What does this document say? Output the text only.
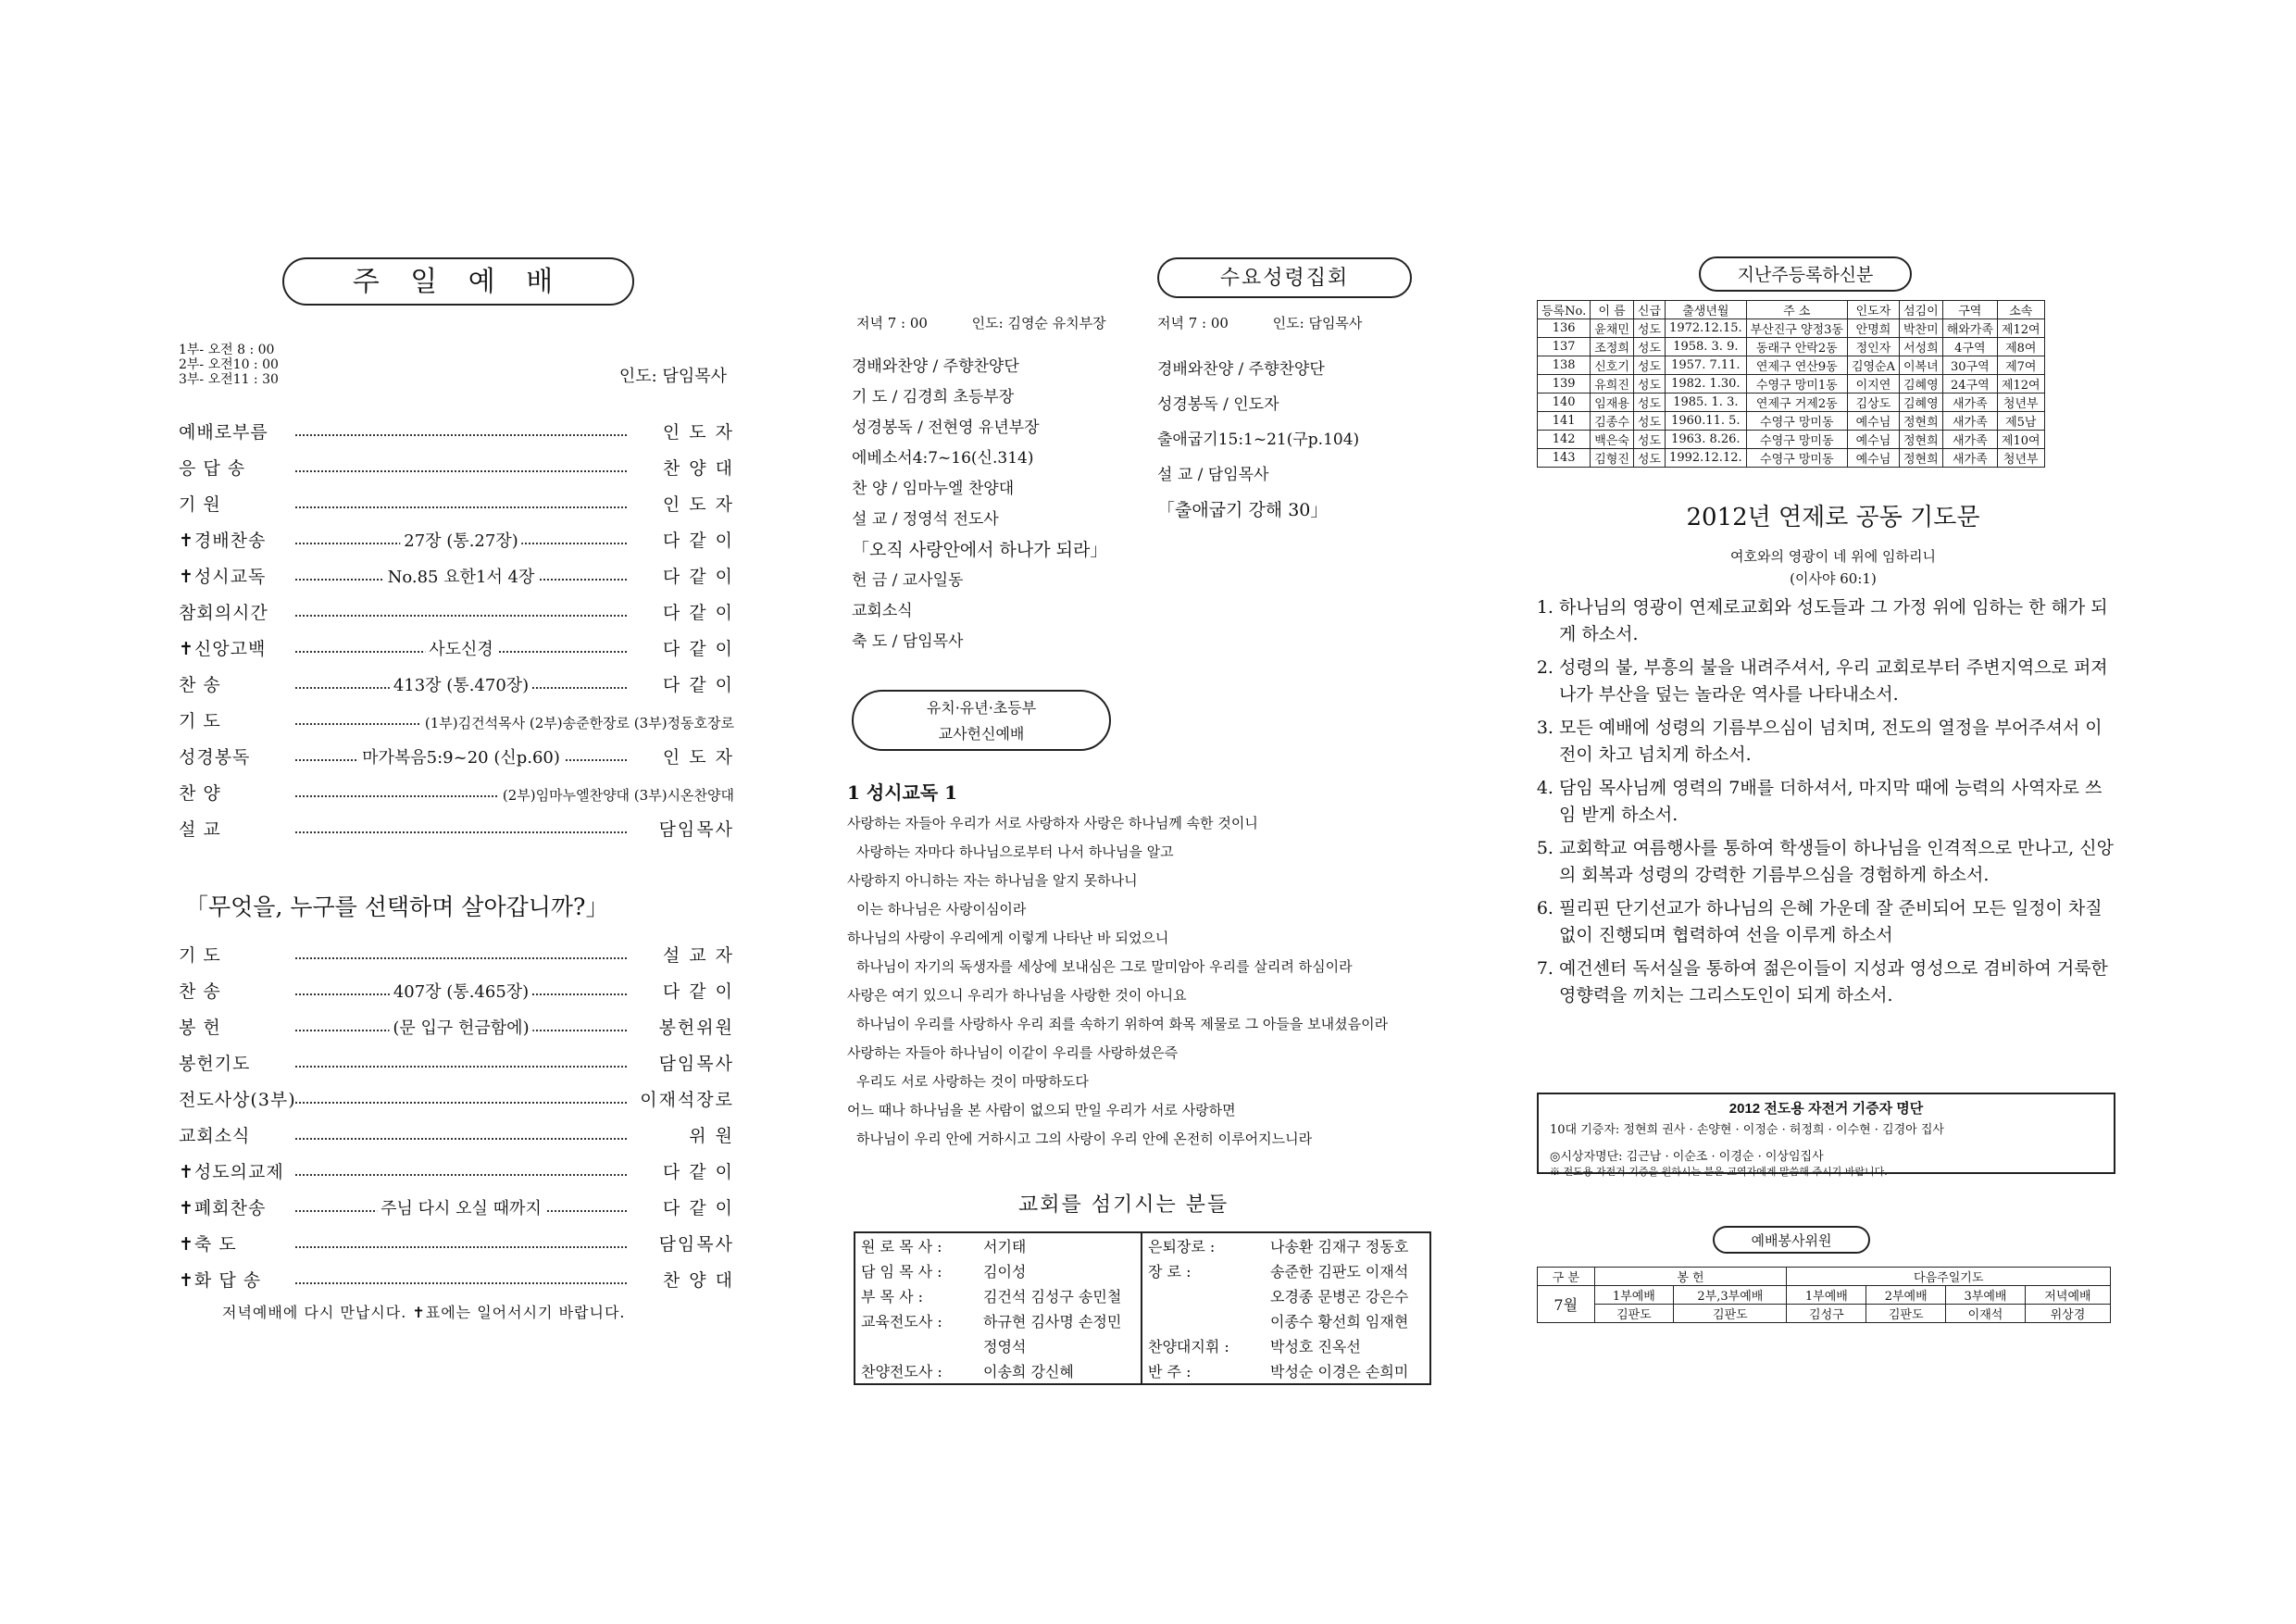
주 일 예 배
1부- 오전 8 : 00
2부- 오전10 : 00
3부- 오전11 : 30	인도: 담임목사
예배로부름	인 도 자
응 답 송	찬 양 대
기 원	인 도 자
✝경배찬송	27장 (통.27장)	다 같 이
✝성시교독	No.85 요한1서 4장	다 같 이
참회의시간	다 같 이
✝신앙고백	사도신경	다 같 이
찬 송	413장 (통.470장)	다 같 이
기 도	(1부)김건석목사 (2부)송준한장로 (3부)정동호장로
성경봉독	마가복음5:9~20 (신p.60)	인 도 자
찬 양	(2부)임마누엘찬양대 (3부)시온찬양대
설 교	담임목사
「무엇을, 누구를 선택하며 살아갑니까?」
기 도	설 교 자
찬 송	407장 (통.465장)	다 같 이
봉 헌	(문 입구 헌금함에)	봉헌위원
봉헌기도	담임목사
전도사상(3부)	이재석장로
교회소식	위 원
✝성도의교제	다 같 이
✝폐회찬송	주님 다시 오실 때까지	다 같 이
✝축 도	담임목사
✝화 답 송	찬 양 대
저녁예배에 다시 만납시다. ✝표에는 일어서시기 바랍니다.
저녁 7 : 00          인도: 김영순 유치부장
경배와찬양 / 주향찬양단
기 도 / 김경희 초등부장
성경봉독 / 전현영 유년부장
에베소서4:7~16(신.314)
찬 양 / 임마누엘 찬양대
설 교 / 정영석 전도사
「오직 사랑안에서 하나가 되라」
헌 금 / 교사일동
교회소식
축 도 / 담임목사
유치·유년·초등부
교사헌신예배
수요성령집회
저녁 7 : 00          인도: 담임목사
경배와찬양 / 주향찬양단
성경봉독 / 인도자
출애굽기15:1~21(구p.104)
설 교 / 담임목사
「출애굽기 강해 30」
1 성시교독 1
사랑하는 자들아 우리가 서로 사랑하자 사랑은 하나님께 속한 것이니
사랑하는 자마다 하나님으로부터 나서 하나님을 알고
사랑하지 아니하는 자는 하나님을 알지 못하나니
이는 하나님은 사랑이심이라
하나님의 사랑이 우리에게 이렇게 나타난 바 되었으니
하나님이 자기의 독생자를 세상에 보내심은 그로 말미암아 우리를 살리려 하심이라
사랑은 여기 있으니 우리가 하나님을 사랑한 것이 아니요
하나님이 우리를 사랑하사 우리 죄를 속하기 위하여 화목 제물로 그 아들을 보내셨음이라
사랑하는 자들아 하나님이 이같이 우리를 사랑하셨은즉
우리도 서로 사랑하는 것이 마땅하도다
어느 때나 하나님을 본 사람이 없으되 만일 우리가 서로 사랑하면
하나님이 우리 안에 거하시고 그의 사랑이 우리 안에 온전히 이루어지느니라
교회를 섬기시는 분들
원 로 목 사 :	서기태
담 임 목 사 :	김이성
부 목 사 :	김건석 김성구 송민철
교육전도사 :	하규현 김사명 손정민
	정영석
찬양전도사 :	이송희 강신혜
은퇴장로 :	나송환 김재구 정동호
장 로 :	송준한 김판도 이재석
	오경종 문병곤 강은수
	이종수 황선희 임재현
찬양대지휘 :	박성호 진옥선
반 주 :	박성순 이경은 손희미
지난주등록하신분
등록No.	이 름	신급	출생년월	주 소	인도자	섬김이	구역	소속
136	윤채민	성도	1972.12.15.	부산진구 양정3동	안명희	박찬미	해와가족	제12여
137	조정희	성도	1958. 3. 9.	동래구 안락2동	정인자	서성희	4구역	제8여
138	신호기	성도	1957. 7.11.	연제구 연산9동	김영순A	이복녀	30구역	제7여
139	유희진	성도	1982. 1.30.	수영구 망미1동	이지연	김혜영	24구역	제12여
140	임재용	성도	1985. 1. 3.	연제구 거제2동	김상도	김혜영	새가족	청년부
141	김종수	성도	1960.11. 5.	수영구 망미동	예수님	정현희	새가족	제5남
142	백은숙	성도	1963. 8.26.	수영구 망미동	예수님	정현희	새가족	제10여
143	김형진	성도	1992.12.12.	수영구 망미동	예수님	정현희	새가족	청년부
2012년 연제로 공동 기도문
여호와의 영광이 네 위에 임하리니
(이사야 60:1)
1. 하나님의 영광이 연제로교회와 성도들과 그 가정 위에 임하는 한 해가 되게 하소서.
2. 성령의 불, 부흥의 불을 내려주셔서, 우리 교회로부터 주변지역으로 퍼져나가 부산을 덮는 놀라운 역사를 나타내소서.
3. 모든 예배에 성령의 기름부으심이 넘치며, 전도의 열정을 부어주셔서 이 전이 차고 넘치게 하소서.
4. 담임 목사님께 영력의 7배를 더하셔서, 마지막 때에 능력의 사역자로 쓰임 받게 하소서.
5. 교회학교 여름행사를 통하여 학생들이 하나님을 인격적으로 만나고, 신앙의 회복과 성령의 강력한 기름부으심을 경험하게 하소서.
6. 필리핀 단기선교가 하나님의 은혜 가운데 잘 준비되어 모든 일정이 차질없이 진행되며 협력하여 선을 이루게 하소서
7. 예건센터 독서실을 통하여 젊은이들이 지성과 영성으로 겸비하여 거룩한 영향력을 끼치는 그리스도인이 되게 하소서.
2012 전도용 자전거 기증자 명단
10대 기증자: 정현희 권사 · 손양현 · 이정순 · 허정희 · 이수현 · 김경아 집사
◎시상자명단: 김근남 · 이순조 · 이경순 · 이상임집사
※ 전도용 자전거 기증을 원하시는 분은 교역자에게 말씀해 주시기 바랍니다.
예배봉사위원
구 분	봉 헌		다음주일기도			
7월	1부예배	2부,3부예배	1부예배	2부예배	3부예배	저녁예배
	김판도	김판도	김성구	김판도	이재석	위상경
